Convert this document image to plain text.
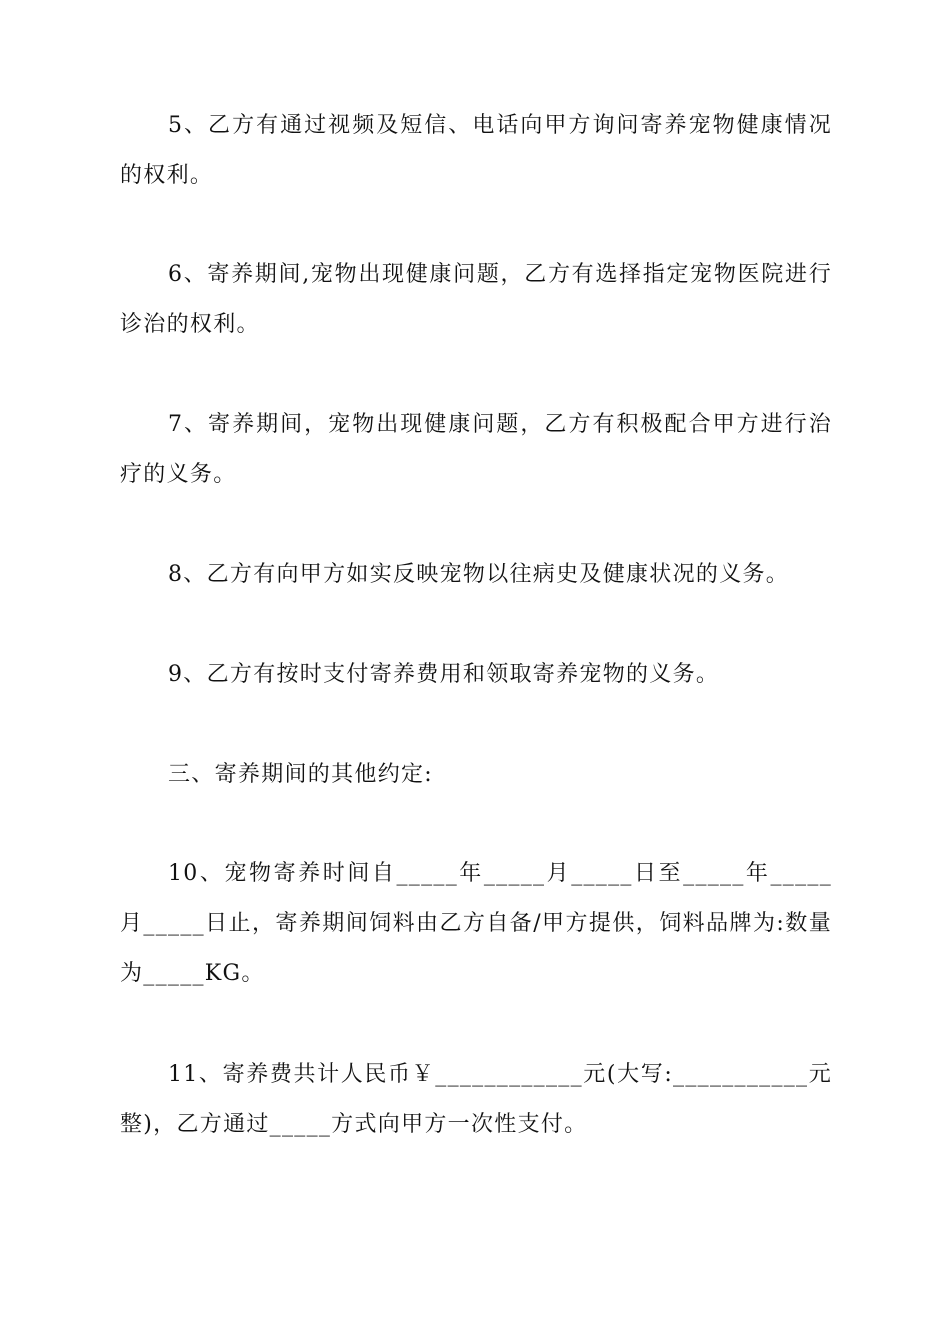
5、乙方有通过视频及短信、电话向甲方询问寄养宠物健康情况的权利。

6、寄养期间,宠物出现健康问题，乙方有选择指定宠物医院进行诊治的权利。

7、寄养期间，宠物出现健康问题，乙方有积极配合甲方进行治疗的义务。

8、乙方有向甲方如实反映宠物以往病史及健康状况的义务。

9、乙方有按时支付寄养费用和领取寄养宠物的义务。

三、寄养期间的其他约定:

10、宠物寄养时间自_____年_____月_____日至_____年_____月_____日止，寄养期间饲料由乙方自备/甲方提供，饲料品牌为:数量为_____KG。

11、寄养费共计人民币￥____________元(大写:___________元整)，乙方通过_____方式向甲方一次性支付。
